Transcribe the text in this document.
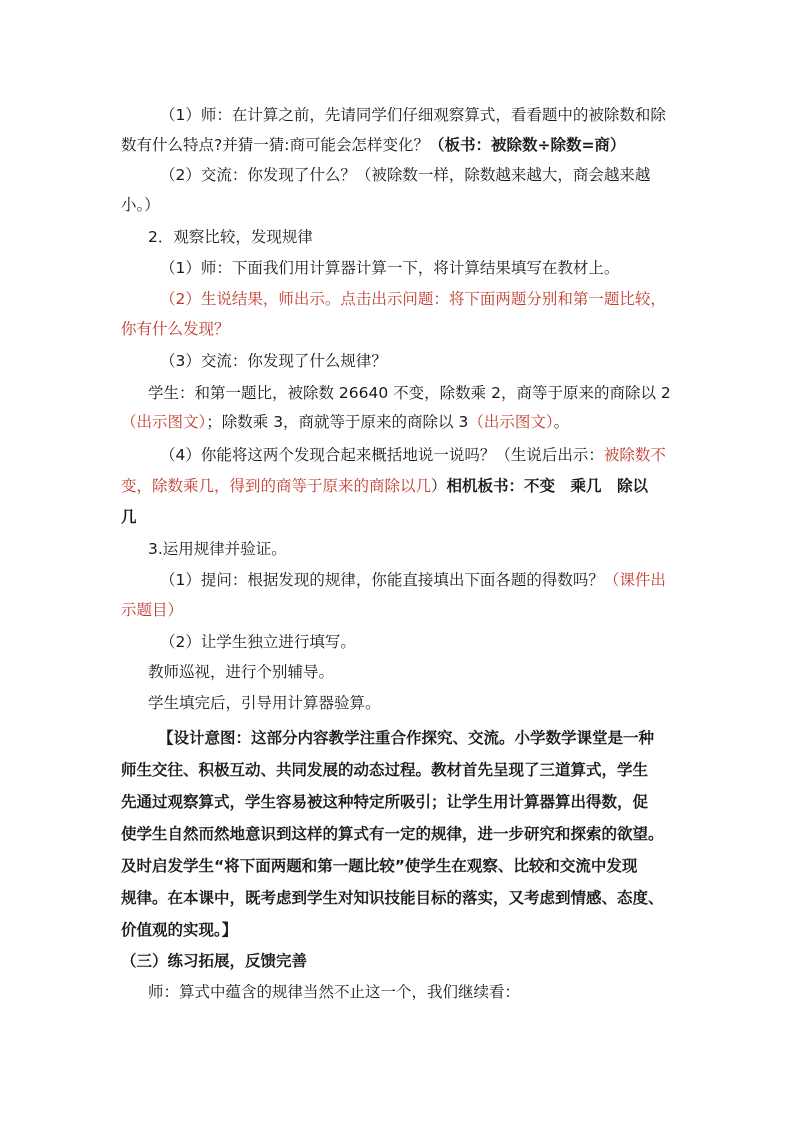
（1）师：在计算之前，先请同学们仔细观察算式，看看题中的被除数和除
数有什么特点?并猜一猜:商可能会怎样变化？（板书：被除数÷除数=商）
（2）交流：你发现了什么？（被除数一样，除数越来越大，商会越来越
小。）
2．观察比较，发现规律
（1）师：下面我们用计算器计算一下，将计算结果填写在教材上。
（2）生说结果，师出示。点击出示问题：将下面两题分别和第一题比较，
你有什么发现？
（3）交流：你发现了什么规律？
学生：和第一题比，被除数 26640 不变，除数乘 2，商等于原来的商除以 2
（出示图文）；除数乘 3，商就等于原来的商除以 3（出示图文）。
（4）你能将这两个发现合起来概括地说一说吗？（生说后出示：被除数不
变，除数乘几，得到的商等于原来的商除以几）相机板书：不变　乘几　除以
几
3.运用规律并验证。
（1）提问：根据发现的规律，你能直接填出下面各题的得数吗？（课件出
示题目）
（2）让学生独立进行填写。
教师巡视，进行个别辅导。
学生填完后，引导用计算器验算。
【设计意图：这部分内容教学注重合作探究、交流。小学数学课堂是一种
师生交往、积极互动、共同发展的动态过程。教材首先呈现了三道算式，学生
先通过观察算式，学生容易被这种特定所吸引；让学生用计算器算出得数，促
使学生自然而然地意识到这样的算式有一定的规律，进一步研究和探索的欲望。
及时启发学生“将下面两题和第一题比较”使学生在观察、比较和交流中发现
规律。在本课中，既考虑到学生对知识技能目标的落实，又考虑到情感、态度、
价值观的实现。】
（三）练习拓展，反馈完善
师：算式中蕴含的规律当然不止这一个，我们继续看：
